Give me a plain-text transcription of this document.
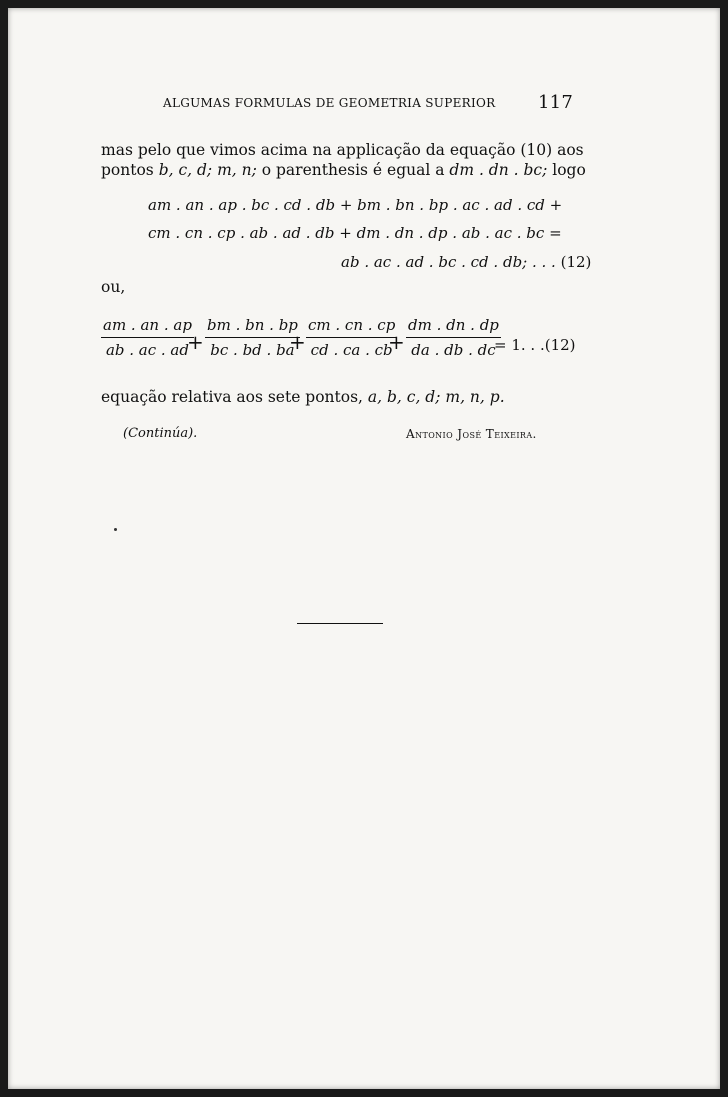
ALGUMAS FORMULAS DE GEOMETRIA SUPERIOR 117
mas pelo que vimos acima na applicação da equação (10) aos
pontos b, c, d; m, n; o parenthesis é egual a dm . dn . bc; logo
am . an . ap . bc . cd . db + bm . bn . bp . ac . ad . cd +
cm . cn . cp . ab . ad . db + dm . dn . dp . ab . ac . bc =
ab . ac . ad . bc . cd . db; . . . (12)
ou,
$\frac{am . an . ap}{ab . ac . ad}$
+ $\frac{bm . bn . bp}{bc . bd . ba}$
+ $\frac{cm . cn . cp}{cd . ca . cb}$
+ $\frac{dm . dn . dp}{da . db . dc}$
= 1. . .(12)
equação relativa aos sete pontos, a, b, c, d; m, n, p.
(Continúa).	Antonio José Teixeira.
